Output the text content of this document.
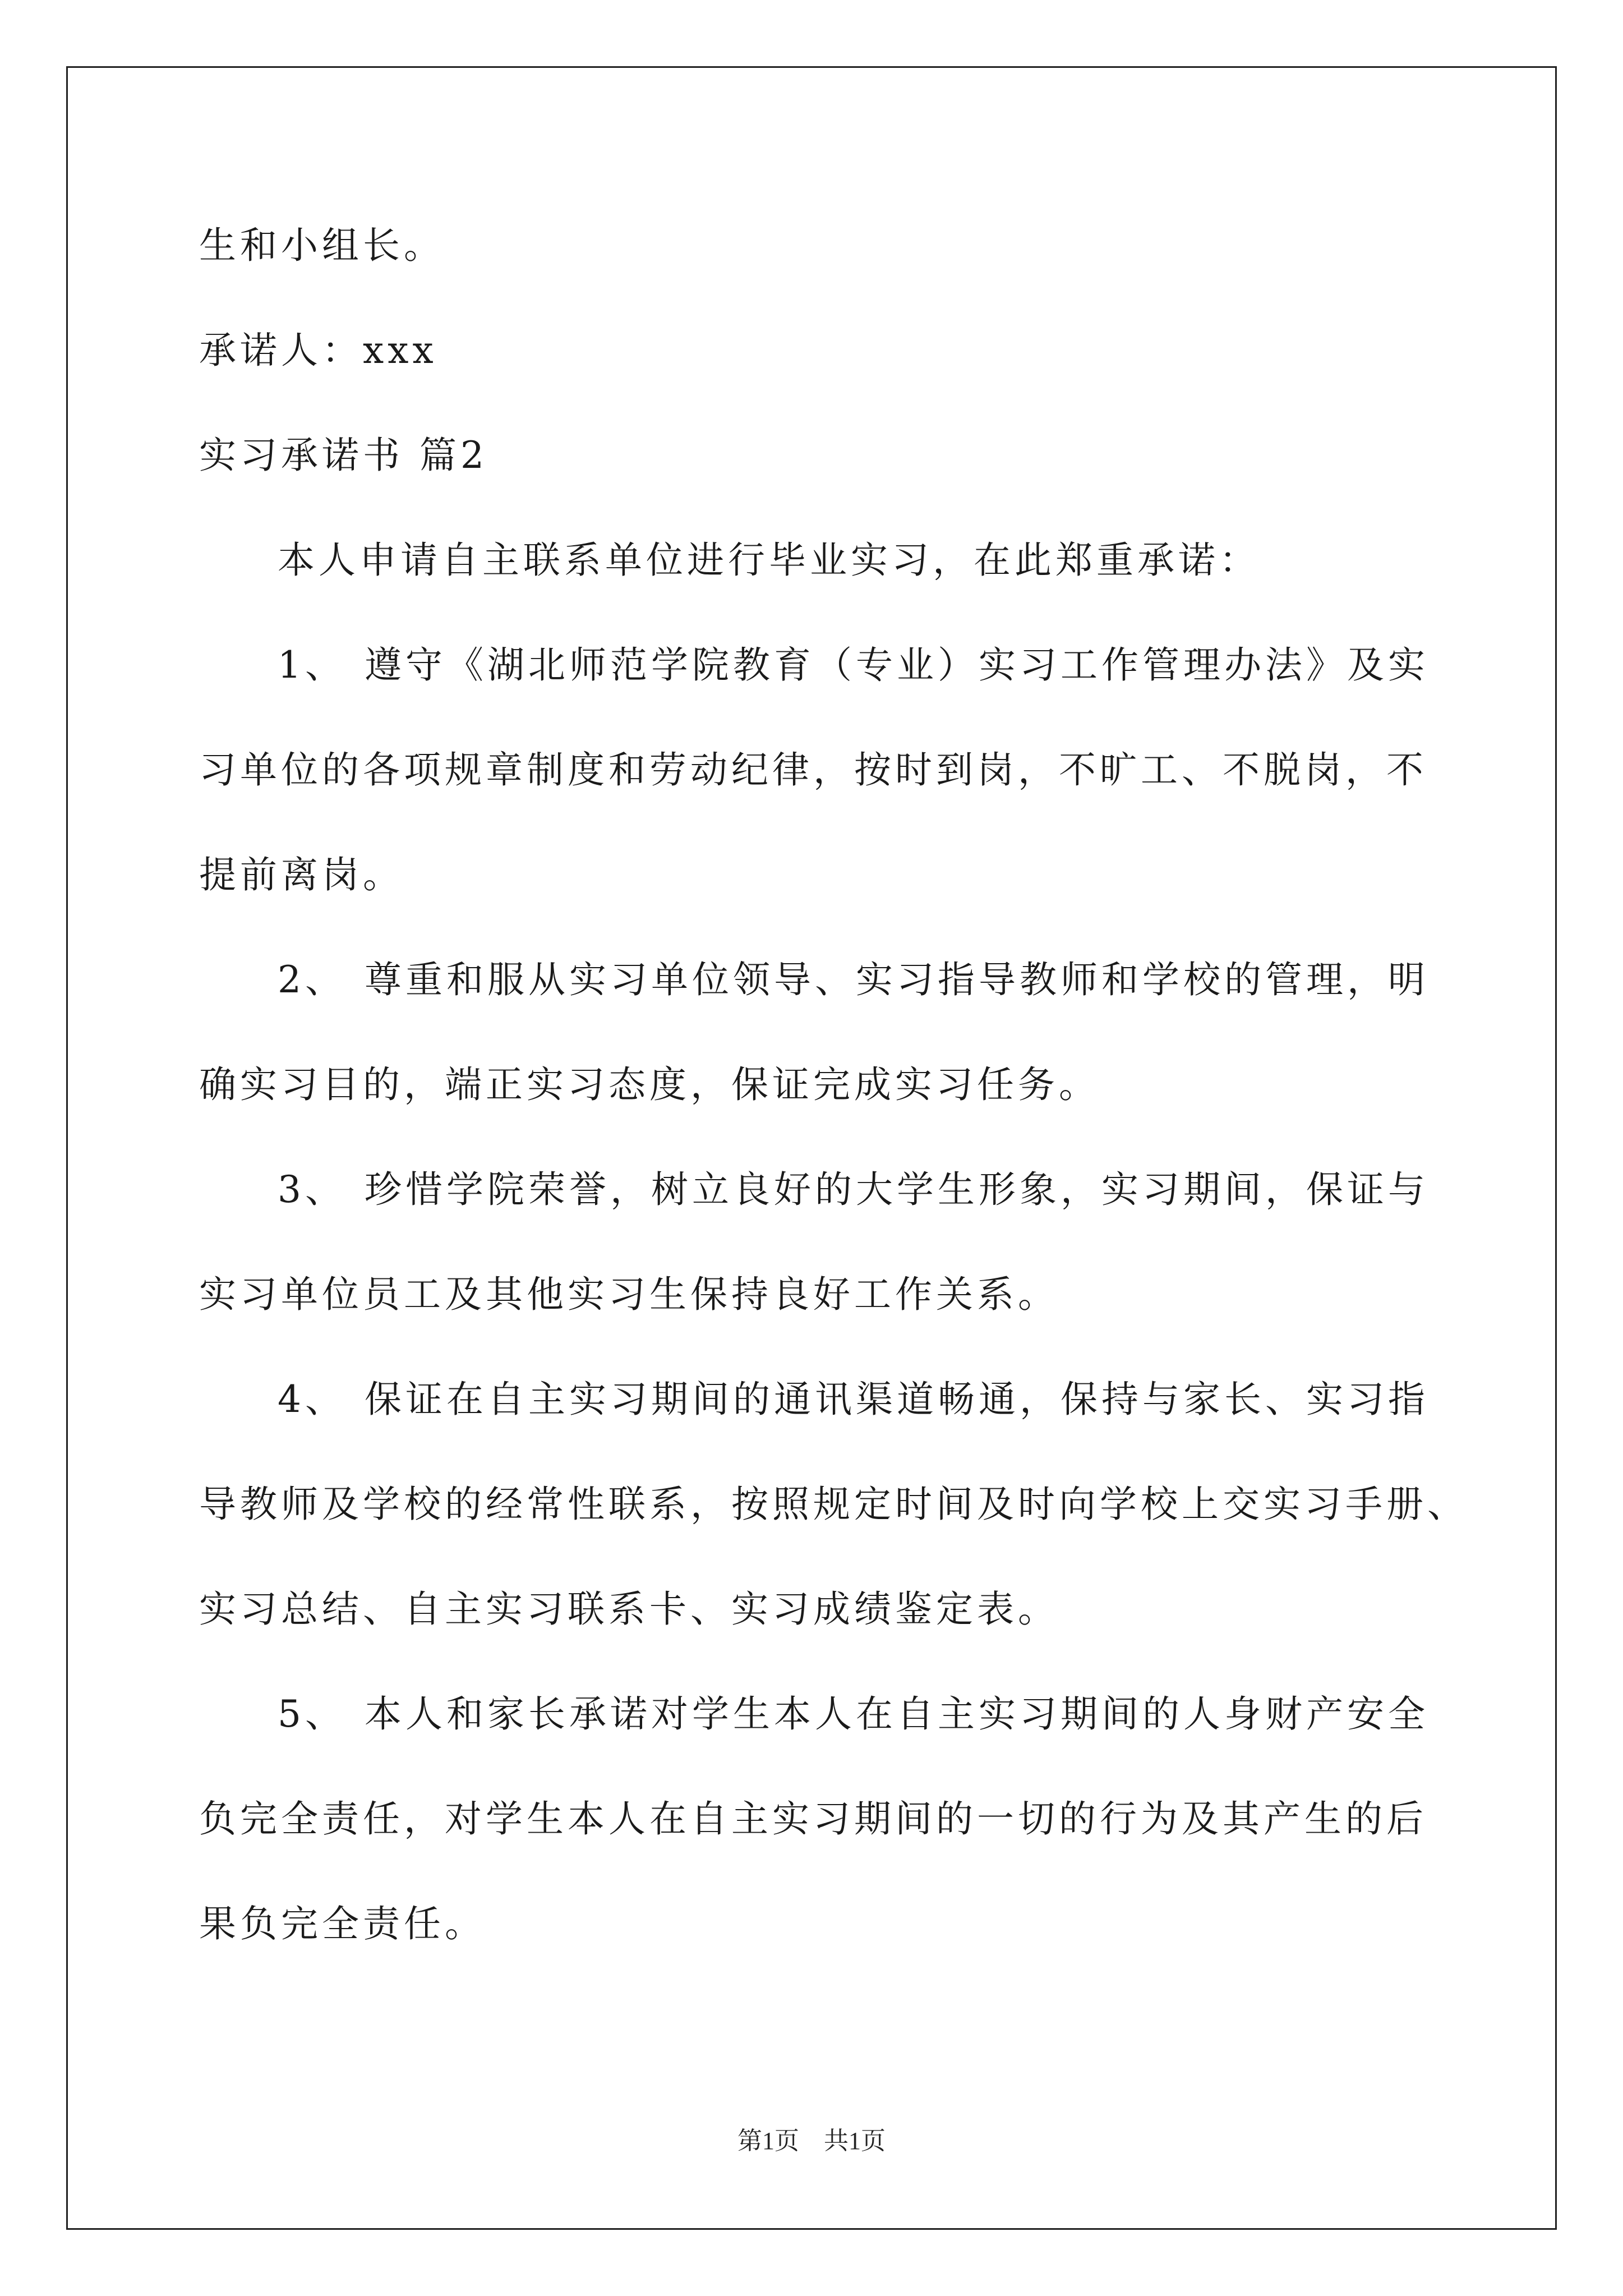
生和小组长。
承诺人：xxx
实习承诺书 篇2
本人申请自主联系单位进行毕业实习，在此郑重承诺：
1、 遵守《湖北师范学院教育（专业）实习工作管理办法》及实
习单位的各项规章制度和劳动纪律，按时到岗，不旷工、不脱岗，不
提前离岗。
2、 尊重和服从实习单位领导、实习指导教师和学校的管理，明
确实习目的，端正实习态度，保证完成实习任务。
3、 珍惜学院荣誉，树立良好的大学生形象，实习期间，保证与
实习单位员工及其他实习生保持良好工作关系。
4、 保证在自主实习期间的通讯渠道畅通，保持与家长、实习指
导教师及学校的经常性联系，按照规定时间及时向学校上交实习手册、
实习总结、自主实习联系卡、实习成绩鉴定表。
5、 本人和家长承诺对学生本人在自主实习期间的人身财产安全
负完全责任，对学生本人在自主实习期间的一切的行为及其产生的后
果负完全责任。
第1页 共1页
